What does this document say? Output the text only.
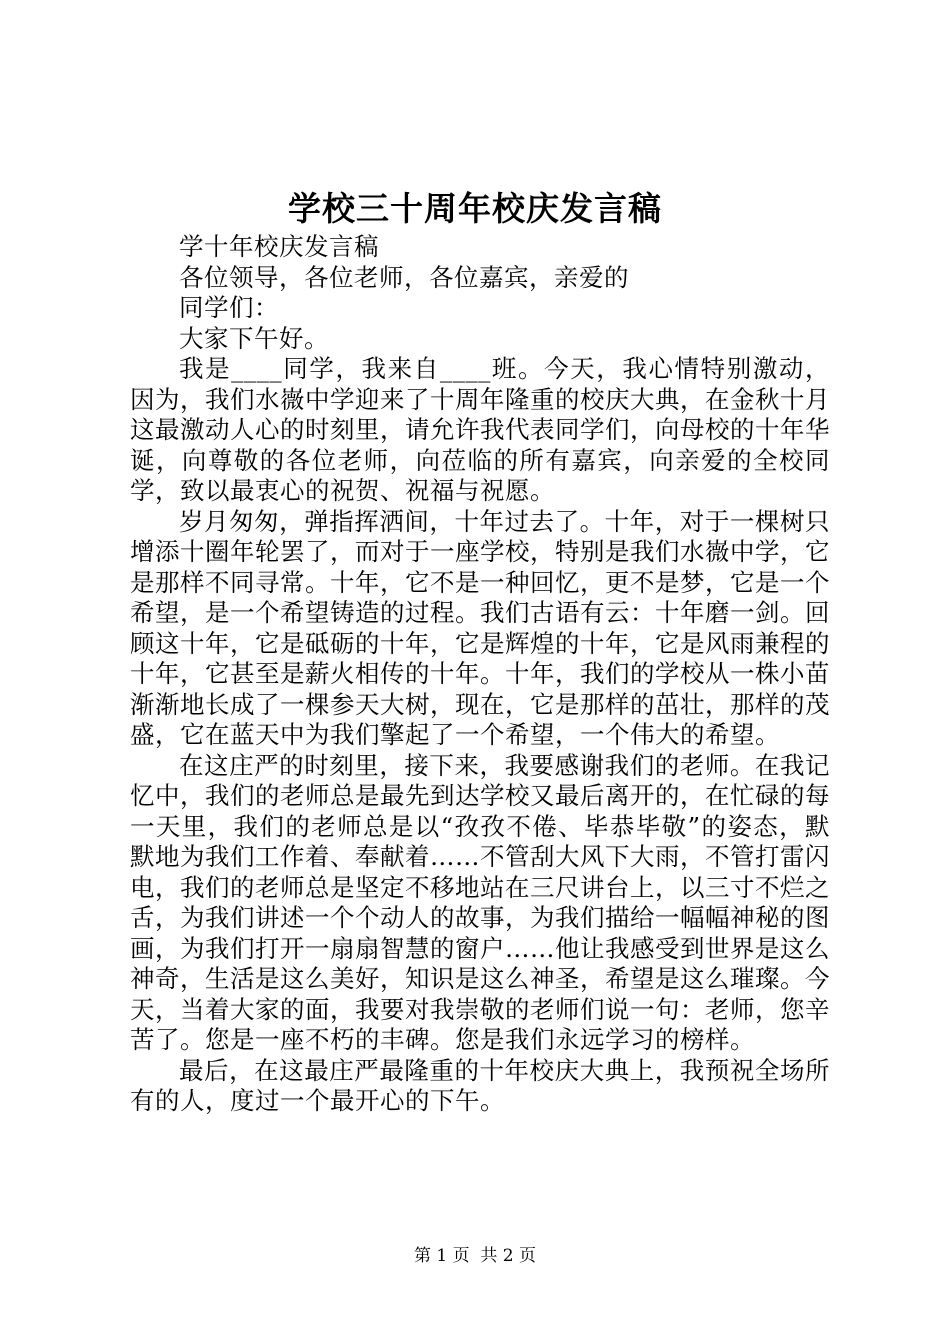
学校三十周年校庆发言稿

学十年校庆发言稿

各位领导，各位老师，各位嘉宾，亲爱的

同学们：

大家下午好。

我是____同学，我来自____班。今天，我心情特别激动，因为，我们水嶶中学迎来了十周年隆重的校庆大典，在金秋十月这最激动人心的时刻里，请允许我代表同学们，向母校的十年华诞，向尊敬的各位老师，向莅临的所有嘉宾，向亲爱的全校同学，致以最衷心的祝贺、祝福与祝愿。

岁月匆匆，弹指挥洒间，十年过去了。十年，对于一棵树只增添十圈年轮罢了，而对于一座学校，特别是我们水嶶中学，它是那样不同寻常。十年，它不是一种回忆，更不是梦，它是一个希望，是一个希望铸造的过程。我们古语有云：十年磨一剑。回顾这十年，它是砥砺的十年，它是辉煌的十年，它是风雨兼程的十年，它甚至是薪火相传的十年。十年，我们的学校从一株小苗渐渐地长成了一棵参天大树，现在，它是那样的茁壮，那样的茂盛，它在蓝天中为我们擎起了一个希望，一个伟大的希望。

在这庄严的时刻里，接下来，我要感谢我们的老师。在我记忆中，我们的老师总是最先到达学校又最后离开的，在忙碌的每一天里，我们的老师总是以“孜孜不倦、毕恭毕敬”的姿态，默默地为我们工作着、奉献着……不管刮大风下大雨，不管打雷闪电，我们的老师总是坚定不移地站在三尺讲台上，以三寸不烂之舌，为我们讲述一个个动人的故事，为我们描给一幅幅神秘的图画，为我们打开一扇扇智慧的窗户……他让我感受到世界是这么神奇，生活是这么美好，知识是这么神圣，希望是这么璀璨。今天，当着大家的面，我要对我崇敬的老师们说一句：老师，您辛苦了。您是一座不朽的丰碑。您是我们永远学习的榜样。

最后，在这最庄严最隆重的十年校庆大典上，我预祝全场所有的人，度过一个最开心的下午。

第 1 页  共 2 页
